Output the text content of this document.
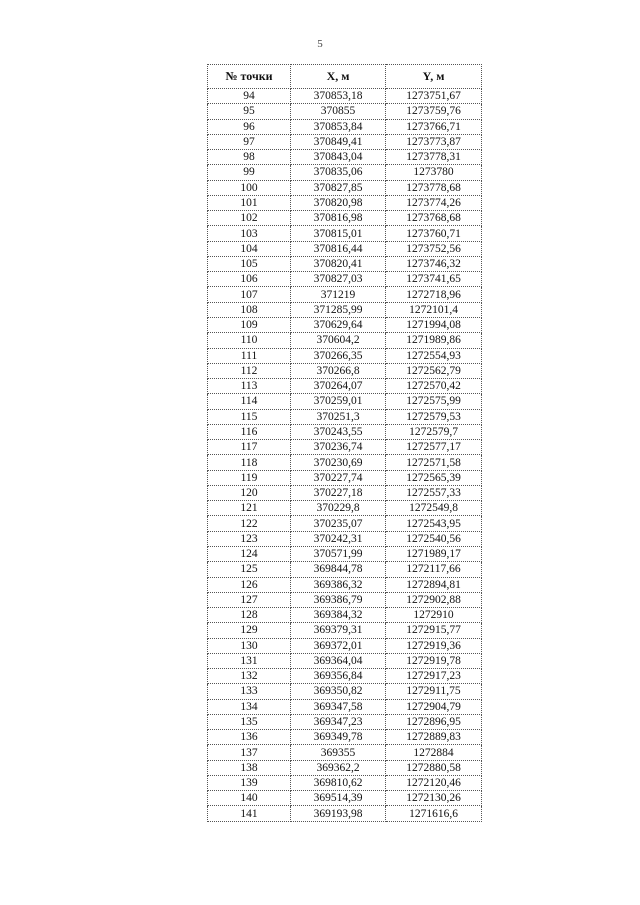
5
№ точки	X, м	Y, м
94	370853,18	1273751,67
95	370855	1273759,76
96	370853,84	1273766,71
97	370849,41	1273773,87
98	370843,04	1273778,31
99	370835,06	1273780
100	370827,85	1273778,68
101	370820,98	1273774,26
102	370816,98	1273768,68
103	370815,01	1273760,71
104	370816,44	1273752,56
105	370820,41	1273746,32
106	370827,03	1273741,65
107	371219	1272718,96
108	371285,99	1272101,4
109	370629,64	1271994,08
110	370604,2	1271989,86
111	370266,35	1272554,93
112	370266,8	1272562,79
113	370264,07	1272570,42
114	370259,01	1272575,99
115	370251,3	1272579,53
116	370243,55	1272579,7
117	370236,74	1272577,17
118	370230,69	1272571,58
119	370227,74	1272565,39
120	370227,18	1272557,33
121	370229,8	1272549,8
122	370235,07	1272543,95
123	370242,31	1272540,56
124	370571,99	1271989,17
125	369844,78	1272117,66
126	369386,32	1272894,81
127	369386,79	1272902,88
128	369384,32	1272910
129	369379,31	1272915,77
130	369372,01	1272919,36
131	369364,04	1272919,78
132	369356,84	1272917,23
133	369350,82	1272911,75
134	369347,58	1272904,79
135	369347,23	1272896,95
136	369349,78	1272889,83
137	369355	1272884
138	369362,2	1272880,58
139	369810,62	1272120,46
140	369514,39	1272130,26
141	369193,98	1271616,6
